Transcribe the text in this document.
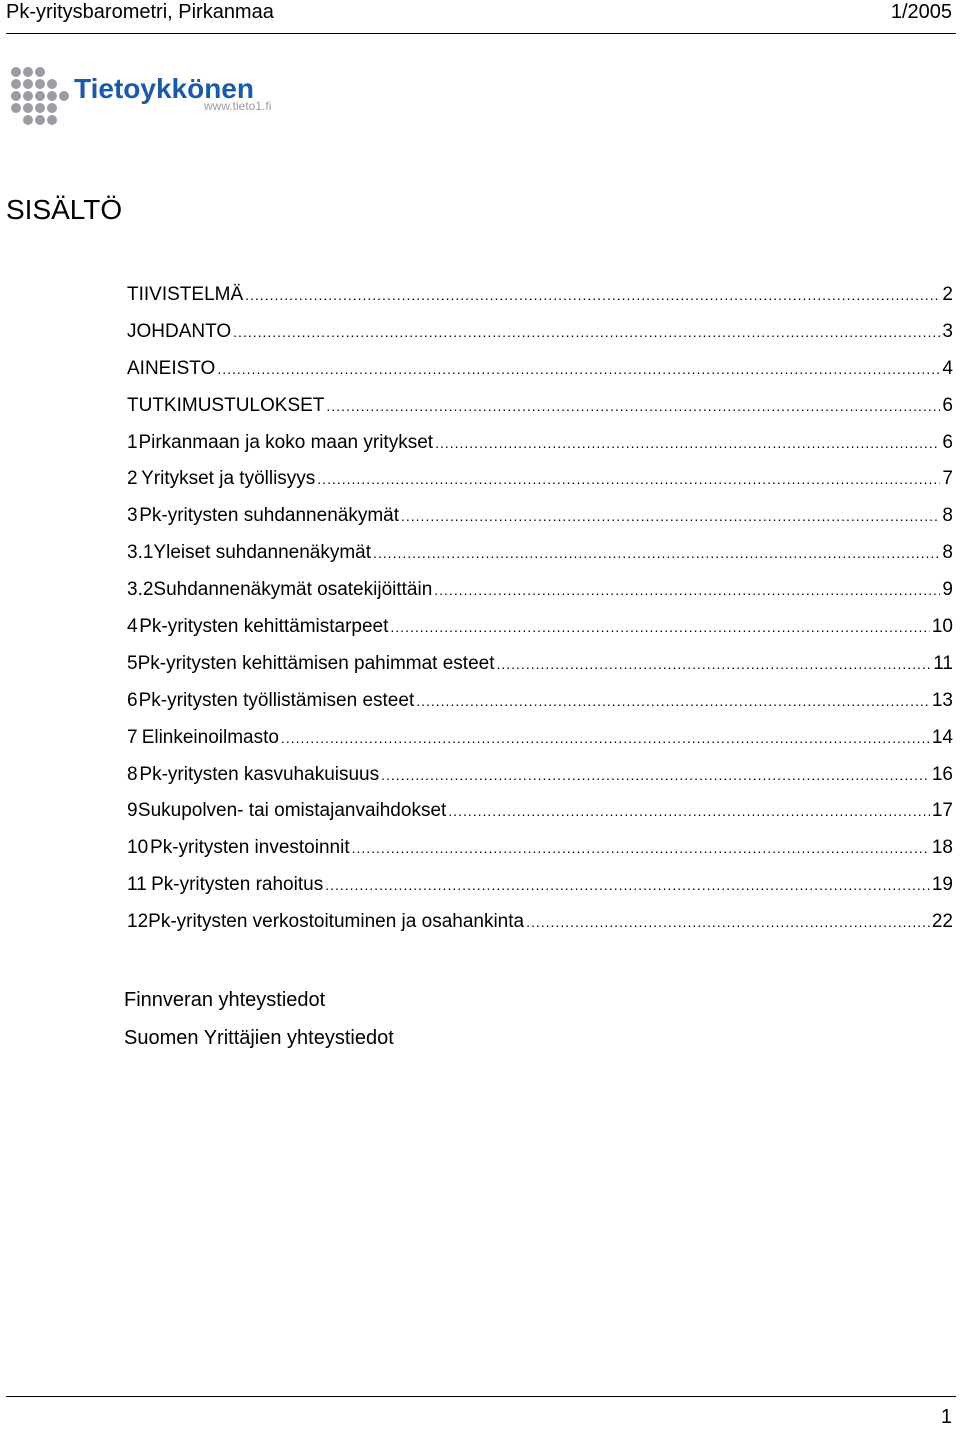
Pk-yritysbarometri, Pirkanmaa	1/2005
Tietoykkönen
www.tieto1.fi
SISÄLTÖ
TIIVISTELMÄ .....	2
JOHDANTO .....	3
AINEISTO .....	4
TUTKIMUSTULOKSET .....	6
1 Pirkanmaan ja koko maan yritykset .....	6
2 Yritykset ja työllisyys .....	7
3 Pk-yritysten suhdannenäkymät .....	8
3.1 Yleiset suhdannenäkymät .....	8
3.2 Suhdannenäkymät osatekijöittäin .....	9
4 Pk-yritysten kehittämistarpeet .....	10
5 Pk-yritysten kehittämisen pahimmat esteet .....	11
6 Pk-yritysten työllistämisen esteet .....	13
7 Elinkeinoilmasto .....	14
8 Pk-yritysten kasvuhakuisuus .....	16
9 Sukupolven- tai omistajanvaihdokset .....	17
10 Pk-yritysten investoinnit .....	18
11 Pk-yritysten rahoitus .....	19
12 Pk-yritysten verkostoituminen ja osahankinta .....	22
Finnveran yhteystiedot
Suomen Yrittäjien yhteystiedot
1
